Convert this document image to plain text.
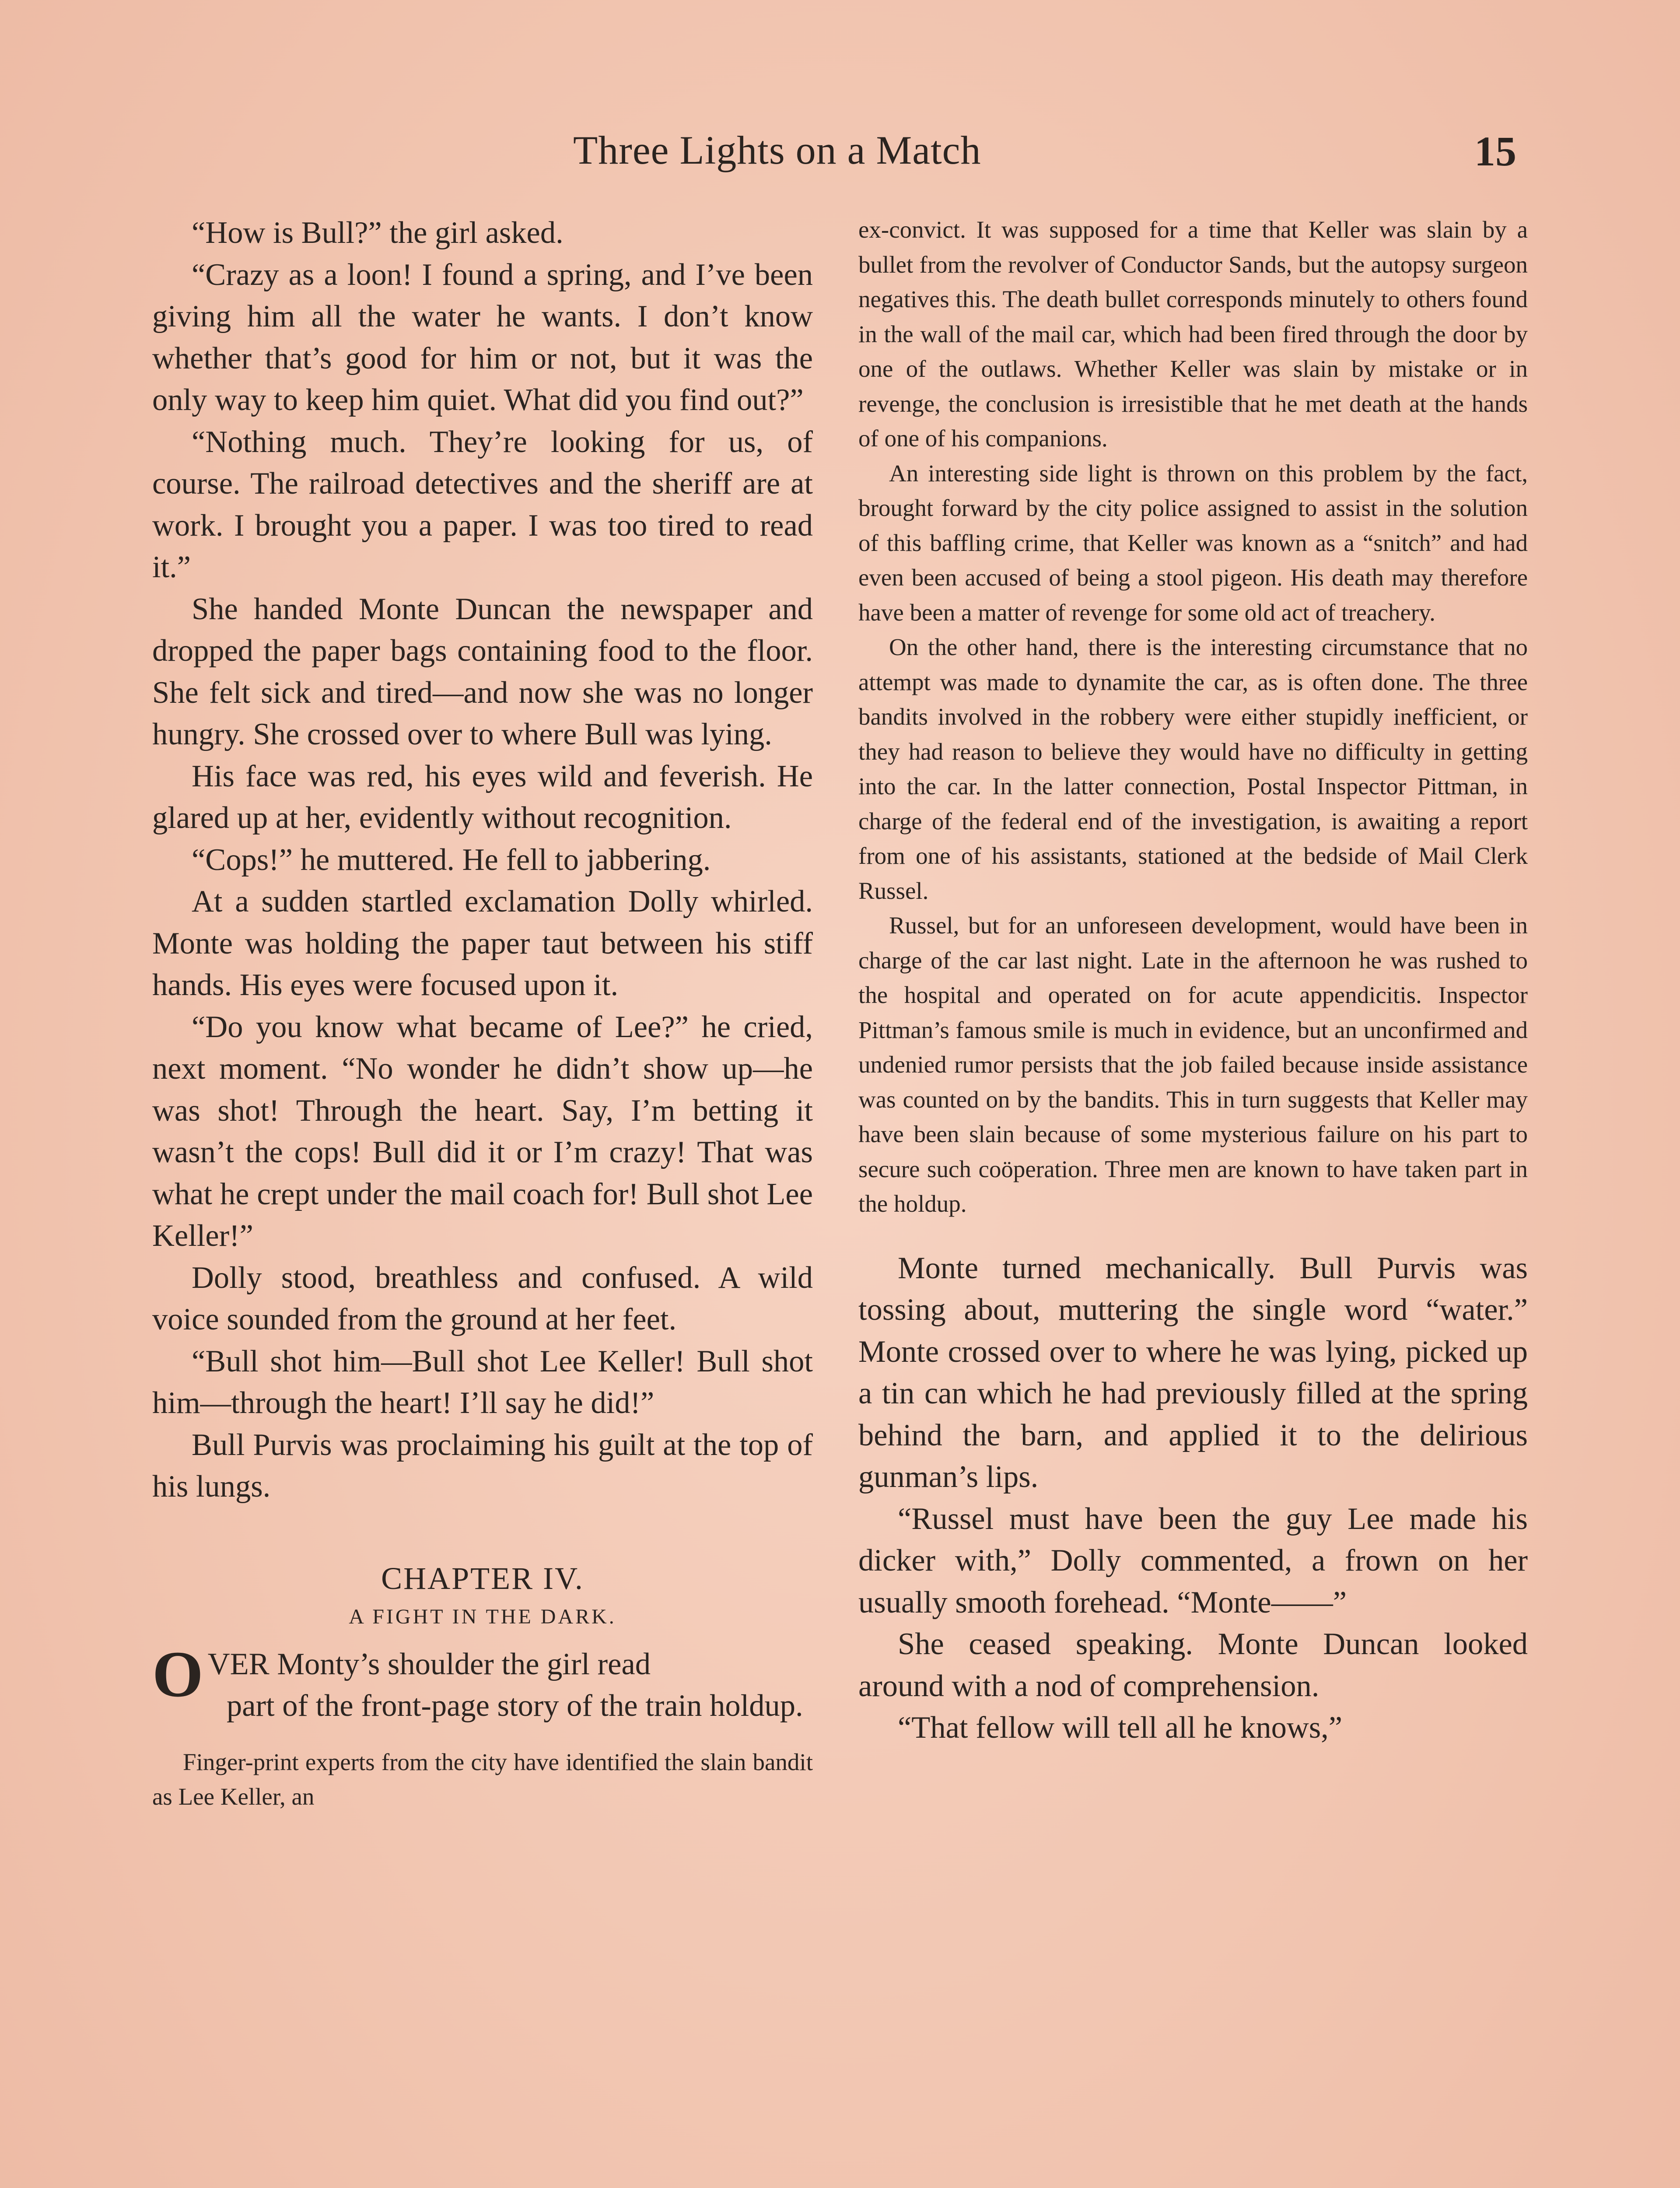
Three Lights on a Match	15

“How is Bull?” the girl asked.

“Crazy as a loon! I found a spring, and I’ve been giving him all the water he wants. I don’t know whether that’s good for him or not, but it was the only way to keep him quiet. What did you find out?”

“Nothing much. They’re looking for us, of course. The railroad detectives and the sheriff are at work. I brought you a paper. I was too tired to read it.”

She handed Monte Duncan the newspaper and dropped the paper bags containing food to the floor. She felt sick and tired—and now she was no longer hungry. She crossed over to where Bull was lying.

His face was red, his eyes wild and feverish. He glared up at her, evidently without recognition.

“Cops!” he muttered. He fell to jabbering.

At a sudden startled exclamation Dolly whirled. Monte was holding the paper taut between his stiff hands. His eyes were focused upon it.

“Do you know what became of Lee?” he cried, next moment. “No wonder he didn’t show up—he was shot! Through the heart. Say, I’m betting it wasn’t the cops! Bull did it or I’m crazy! That was what he crept under the mail coach for! Bull shot Lee Keller!”

Dolly stood, breathless and confused. A wild voice sounded from the ground at her feet.

“Bull shot him—Bull shot Lee Keller! Bull shot him—through the heart! I’ll say he did!”

Bull Purvis was proclaiming his guilt at the top of his lungs.

CHAPTER IV.
A FIGHT IN THE DARK.

O VER Monty’s shoulder the girl read
part of the front-page story of the train holdup.

Finger-print experts from the city have identified the slain bandit as Lee Keller, an

ex-convict. It was supposed for a time that Keller was slain by a bullet from the revolver of Conductor Sands, but the autopsy surgeon negatives this. The death bullet corresponds minutely to others found in the wall of the mail car, which had been fired through the door by one of the outlaws. Whether Keller was slain by mistake or in revenge, the conclusion is irresistible that he met death at the hands of one of his companions.

An interesting side light is thrown on this problem by the fact, brought forward by the city police assigned to assist in the solution of this baffling crime, that Keller was known as a “snitch” and had even been accused of being a stool pigeon. His death may therefore have been a matter of revenge for some old act of treachery.

On the other hand, there is the interesting circumstance that no attempt was made to dynamite the car, as is often done. The three bandits involved in the robbery were either stupidly inefficient, or they had reason to believe they would have no difficulty in getting into the car. In the latter connection, Postal Inspector Pittman, in charge of the federal end of the investigation, is awaiting a report from one of his assistants, stationed at the bedside of Mail Clerk Russel.

Russel, but for an unforeseen development, would have been in charge of the car last night. Late in the afternoon he was rushed to the hospital and operated on for acute appendicitis. Inspector Pittman’s famous smile is much in evidence, but an unconfirmed and undenied rumor persists that the job failed because inside assistance was counted on by the bandits. This in turn suggests that Keller may have been slain because of some mysterious failure on his part to secure such coöperation. Three men are known to have taken part in the holdup.

Monte turned mechanically. Bull Purvis was tossing about, muttering the single word “water.” Monte crossed over to where he was lying, picked up a tin can which he had previously filled at the spring behind the barn, and applied it to the delirious gunman’s lips.

“Russel must have been the guy Lee made his dicker with,” Dolly commented, a frown on her usually smooth forehead. “Monte——”

She ceased speaking. Monte Duncan looked around with a nod of comprehension.

“That fellow will tell all he knows,”
